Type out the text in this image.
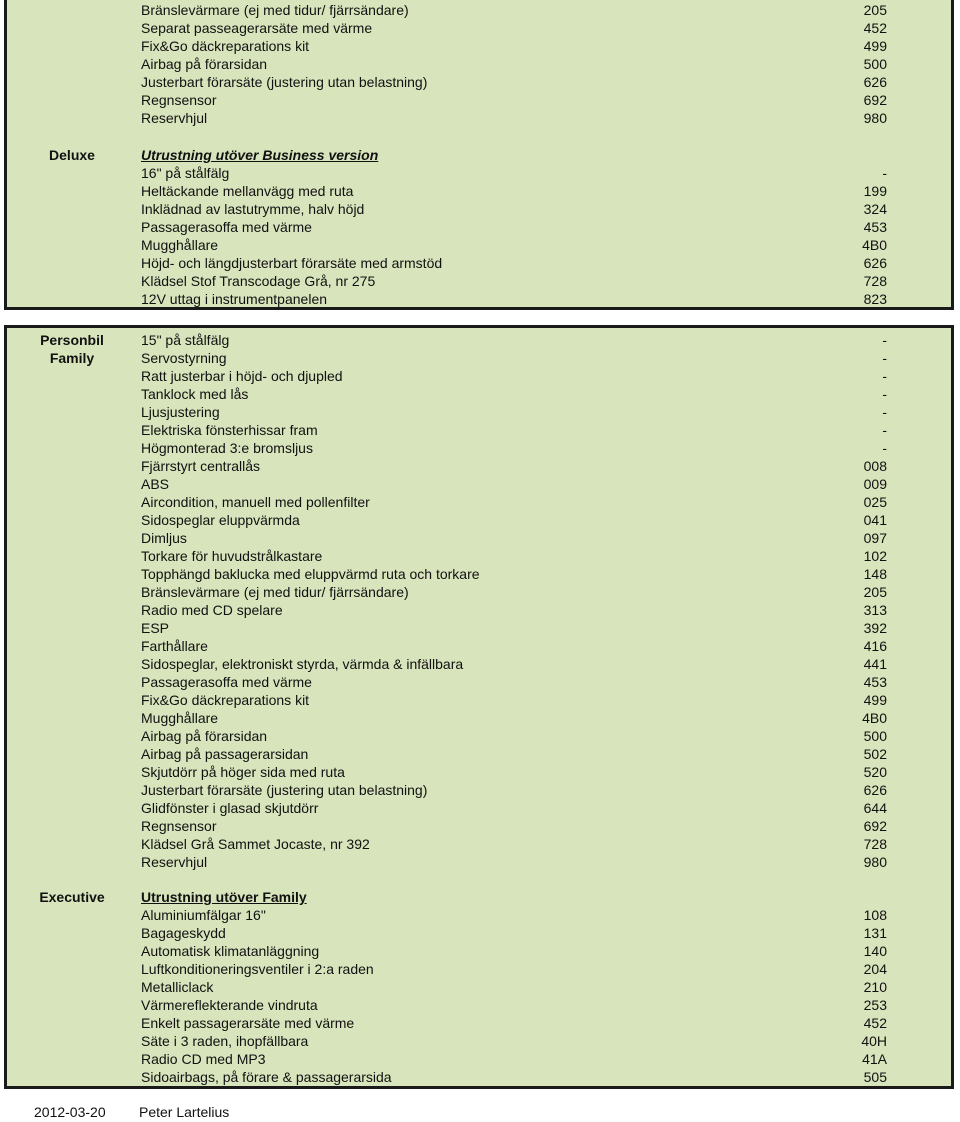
Bränslevärmare (ej med tidur/ fjärrsändare)	205
Separat passeagerarsäte med värme	452
Fix&Go däckreparations kit	499
Airbag på förarsidan	500
Justerbart förarsäte (justering utan belastning)	626
Regnsensor	692
Reservhjul	980
Deluxe	Utrustning utöver Business version
16" på stålfälg	-
Heltäckande mellanvägg med ruta	199
Inklädnad av lastutrymme, halv höjd	324
Passagerasoffa med värme	453
Mugghållare	4B0
Höjd- och längdjusterbart förarsäte med armstöd	626
Klädsel Stof Transcodage Grå, nr 275	728
12V uttag i instrumentpanelen	823
Personbil	15" på stålfälg	-
Family	Servostyrning	-
Ratt justerbar i höjd- och djupled	-
Tanklock med lås	-
Ljusjustering	-
Elektriska fönsterhissar fram	-
Högmonterad 3:e bromsljus	-
Fjärrstyrt centrallås	008
ABS	009
Aircondition, manuell med pollenfilter	025
Sidospeglar eluppvärmda	041
Dimljus	097
Torkare för huvudstrålkastare	102
Topphängd baklucka med eluppvärmd ruta och torkare	148
Bränslevärmare (ej med tidur/ fjärrsändare)	205
Radio med CD spelare	313
ESP	392
Farthållare	416
Sidospeglar, elektroniskt styrda, värmda & infällbara	441
Passagerasoffa med värme	453
Fix&Go däckreparations kit	499
Mugghållare	4B0
Airbag på förarsidan	500
Airbag på passagerarsidan	502
Skjutdörr på höger sida med ruta	520
Justerbart förarsäte (justering utan belastning)	626
Glidfönster i glasad skjutdörr	644
Regnsensor	692
Klädsel Grå Sammet Jocaste, nr 392	728
Reservhjul	980
Executive	Utrustning utöver Family
Aluminiumfälgar 16"	108
Bagageskydd	131
Automatisk klimatanläggning	140
Luftkonditioneringsventiler i 2:a raden	204
Metalliclack	210
Värmereflekterande vindruta	253
Enkelt passagerarsäte med värme	452
Säte i 3 raden, ihopfällbara	40H
Radio CD med MP3	41A
Sidoairbags, på förare & passagerarsida	505
2012-03-20 Peter Lartelius
